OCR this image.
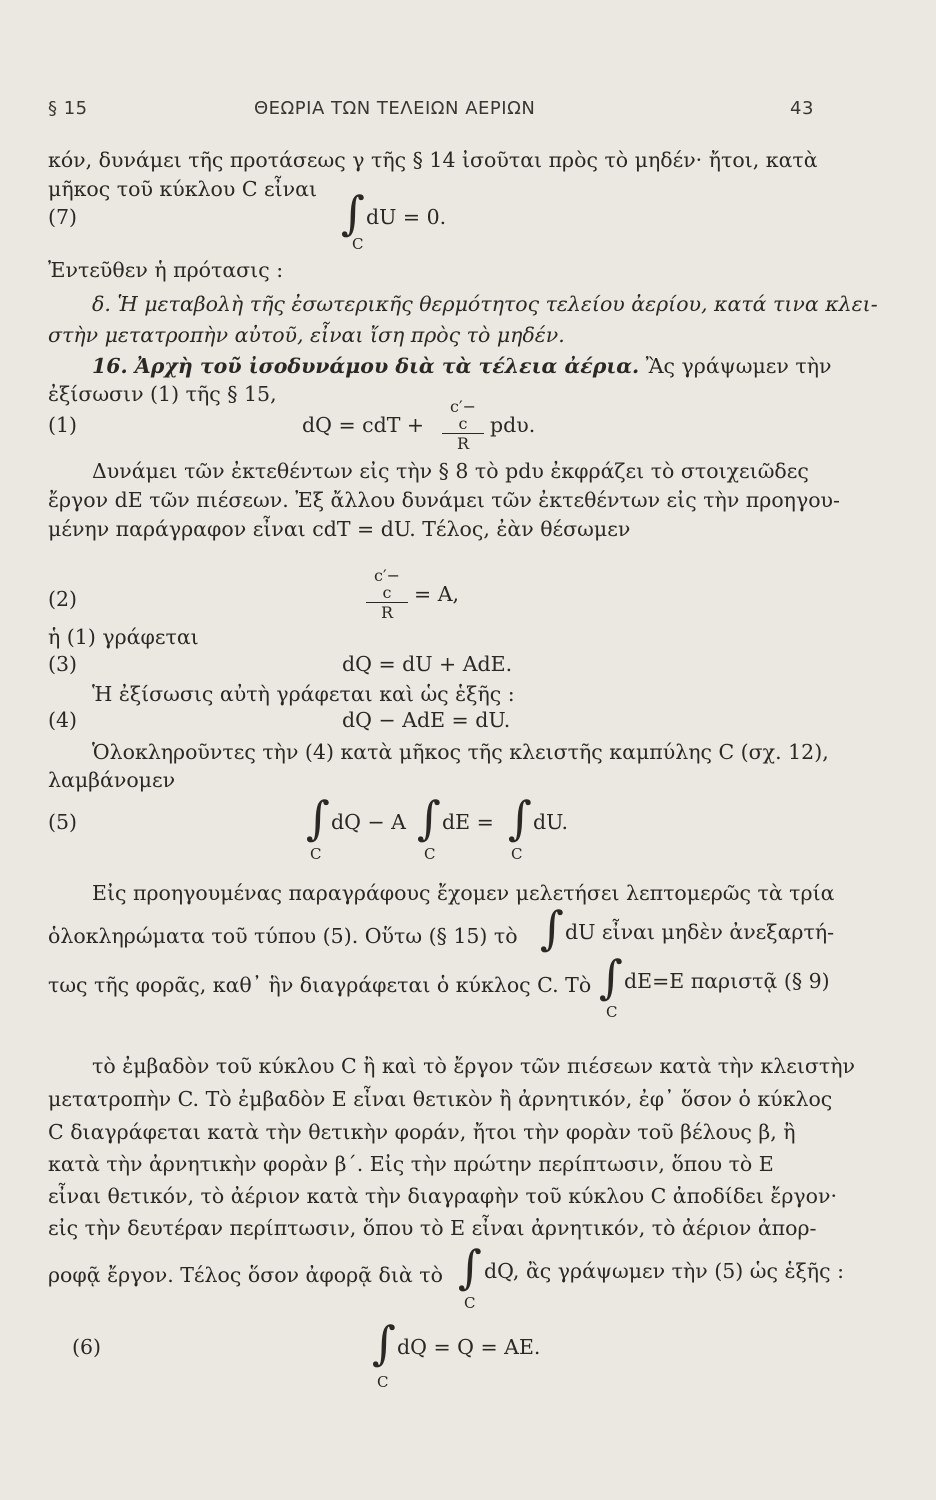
§ 15	ΘΕΩΡΙΑ ΤΩΝ ΤΕΛΕΙΩΝ ΑΕΡΙΩΝ	43
κόν, δυνάμει τῆς προτάσεως γ τῆς § 14 ἰσοῦται πρὸς τὸ μηδέν· ἤτοι, κατὰ
μῆκος τοῦ κύκλου C εἶναι
(7)	∫ dU = 0.
C
Ἐντεῦθεν ἡ πρότασις :
δ. Ἡ μεταβολὴ τῆς ἐσωτερικῆς θερμότητος τελείου ἀερίου, κατά τινα κλει-
στὴν μετατροπὴν αὐτοῦ, εἶναι ἴση πρὸς τὸ μηδέν.
16. Ἀρχὴ τοῦ ἰσοδυνάμου διὰ τὰ τέλεια ἀέρια. Ἂς γράψωμεν τὴν
ἐξίσωσιν (1) τῆς § 15,
(1)	dQ = cdT +
c′− c
R
pdυ.
Δυνάμει τῶν ἐκτεθέντων εἰς τὴν § 8 τὸ pdυ ἐκφράζει τὸ στοιχειῶδες
ἔργον dE τῶν πιέσεων. Ἐξ ἄλλου δυνάμει τῶν ἐκτεθέντων εἰς τὴν προηγου-
μένην παράγραφον εἶναι cdT = dU. Τέλος, ἐὰν θέσωμεν
(2)
c′− c
R
= A,
ἡ (1) γράφεται
(3)	dQ = dU + AdE.
Ἡ ἐξίσωσις αὐτὴ γράφεται καὶ ὡς ἑξῆς :
(4)	dQ − AdE = dU.
Ὁλοκληροῦντες τὴν (4) κατὰ μῆκος τῆς κλειστῆς καμπύλης C (σχ. 12),
λαμβάνομεν
(5)	∫ dQ − A
C
∫ dE =
C
∫ dU.
C
Εἰς προηγουμένας παραγράφους ἔχομεν μελετήσει λεπτομερῶς τὰ τρία
ὁλοκληρώματα τοῦ τύπου (5). Οὕτω (§ 15) τὸ ∫ dU εἶναι μηδὲν ἀνεξαρτή-
τως τῆς φορᾶς, καθ᾿ ἣν διαγράφεται ὁ κύκλος C. Τὸ ∫
C
dE=E παριστᾷ (§ 9)
τὸ ἐμβαδὸν τοῦ κύκλου C ἢ καὶ τὸ ἔργον τῶν πιέσεων κατὰ τὴν κλειστὴν
μετατροπὴν C. Τὸ ἐμβαδὸν E εἶναι θετικὸν ἢ ἀρνητικόν, ἐφ᾿ ὅσον ὁ κύκλος
C διαγράφεται κατὰ τὴν θετικὴν φοράν, ἤτοι τὴν φορὰν τοῦ βέλους β, ἢ
κατὰ τὴν ἀρνητικὴν φορὰν β΄. Εἰς τὴν πρώτην περίπτωσιν, ὅπου τὸ E
εἶναι θετικόν, τὸ ἀέριον κατὰ τὴν διαγραφὴν τοῦ κύκλου C ἀποδίδει ἔργον·
εἰς τὴν δευτέραν περίπτωσιν, ὅπου τὸ E εἶναι ἀρνητικόν, τὸ ἀέριον ἀπορ-
ροφᾷ ἔργον. Τέλος ὅσον ἀφορᾷ διὰ τὸ ∫
C
dQ, ἂς γράψωμεν τὴν (5) ὡς ἑξῆς :
(6)	∫ dQ = Q = AE.
C
